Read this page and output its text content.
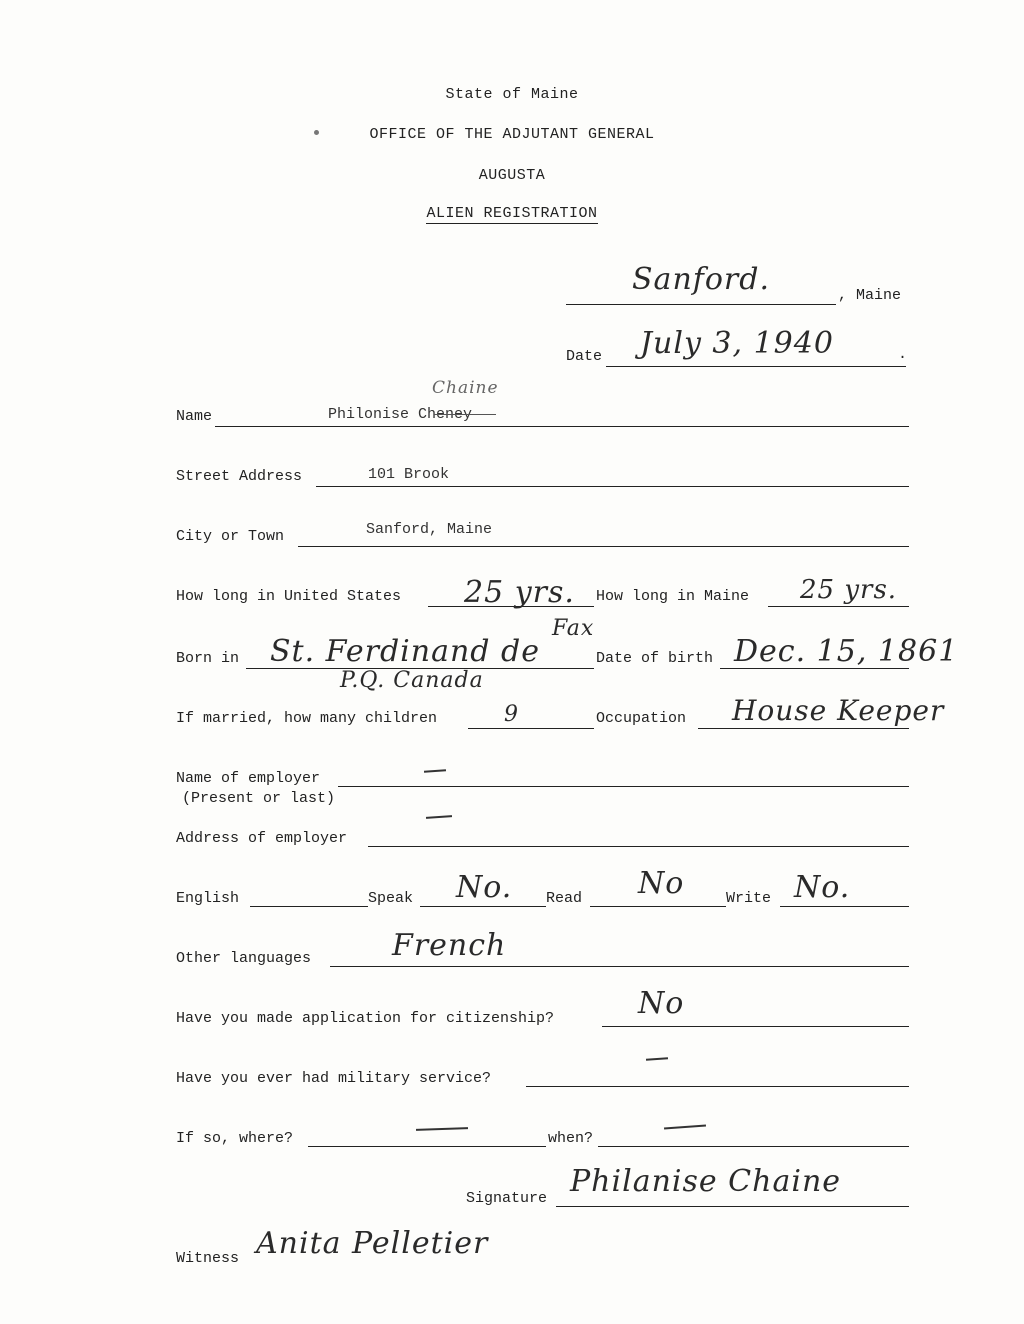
State of Maine
OFFICE OF THE ADJUTANT GENERAL
AUGUSTA
ALIEN REGISTRATION
Sanford.	, Maine
Date July 3, 1940	.
Name	Philonise Cheney
Chaine
Street Address	101 Brook
City or Town	Sanford, Maine
How long in United States 25 yrs. How long in Maine 25 yrs.
Born in St. Ferdinand de
Fax
P.Q. Canada
Date of birth Dec. 15, 1861
If married, how many children	9	Occupation House Keeper
Name of employer
(Present or last)
Address of employer
English	Speak No. Read No	Write No.
Other languages	French
Have you made application for citizenship?	No
Have you ever had military service?
If so, where?	when?
Signature Philanise Chaine
Witness Anita Pelletier
